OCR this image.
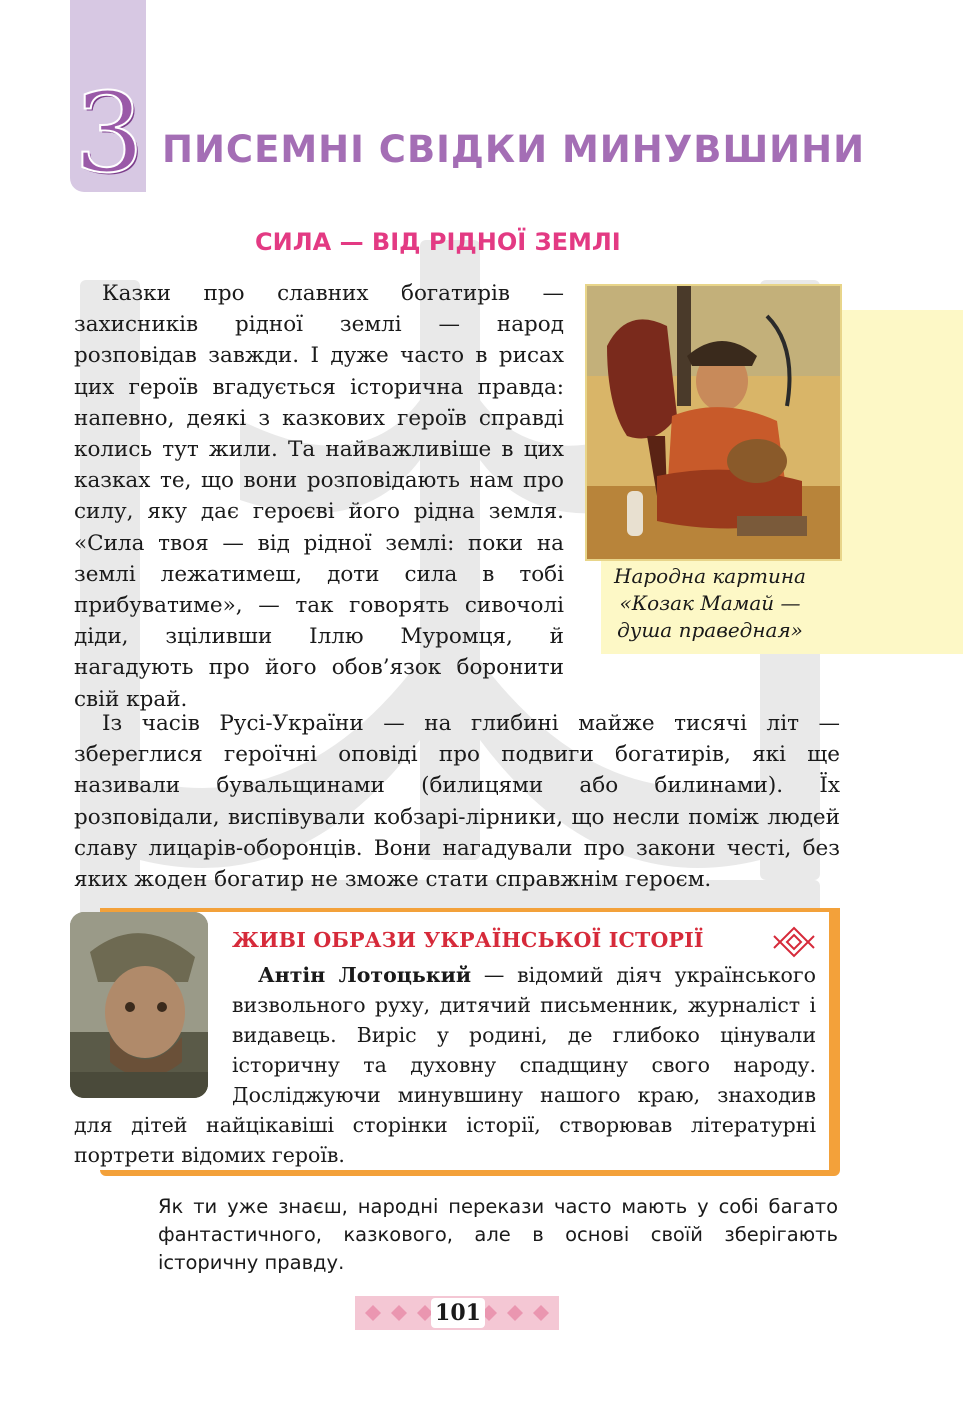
3 ПИСЕМНІ СВІДКИ МИНУВШИНИ
СИЛА — ВІД РІДНОЇ ЗЕМЛІ
Народна картина
«Козак Мамай —
душа праведная»
Казки про славних богатирів — захисників рідної землі — народ розповідав завжди. І дуже часто в рисах цих героїв вгадується історична правда: напевно, деякі з казкових героїв справді колись тут жили. Та найважливіше в цих казках те, що вони розповідають нам про силу, яку дає героєві його рідна земля. «Сила твоя — від рідної землі: поки на землі лежатимеш, доти сила в тобі прибуватиме», — так говорять сивочолі діди, зціливши Іллю Муромця, й нагадують про його обов’язок боронити свій край.
Із часів Русі-України — на глибині майже тисячі літ — збереглися героїчні оповіді про подвиги богатирів, які ще називали бувальщинами (билицями або билинами). Їх розповідали, виспівували кобзарі-лірники, що несли поміж людей славу лицарів-оборонців. Вони нагадували про закони честі, без яких жоден богатир не зможе стати справжнім героєм.
ЖИВІ ОБРАЗИ УКРАЇНСЬКОЇ ІСТОРІЇ
Антін Лотоцький — відомий діяч українського визвольного руху, дитячий письменник, журналіст і видавець. Виріс у родині, де глибоко цінували історичну та духовну спадщину свого народу. Досліджуючи минувшину нашого краю, знаходив для дітей найцікавіші сторінки історії, створював літературні портрети відомих героїв.
Як ти уже знаєш, народні перекази часто мають у собі багато фантастичного, казкового, але в основі своїй зберігають історичну правду.
101
